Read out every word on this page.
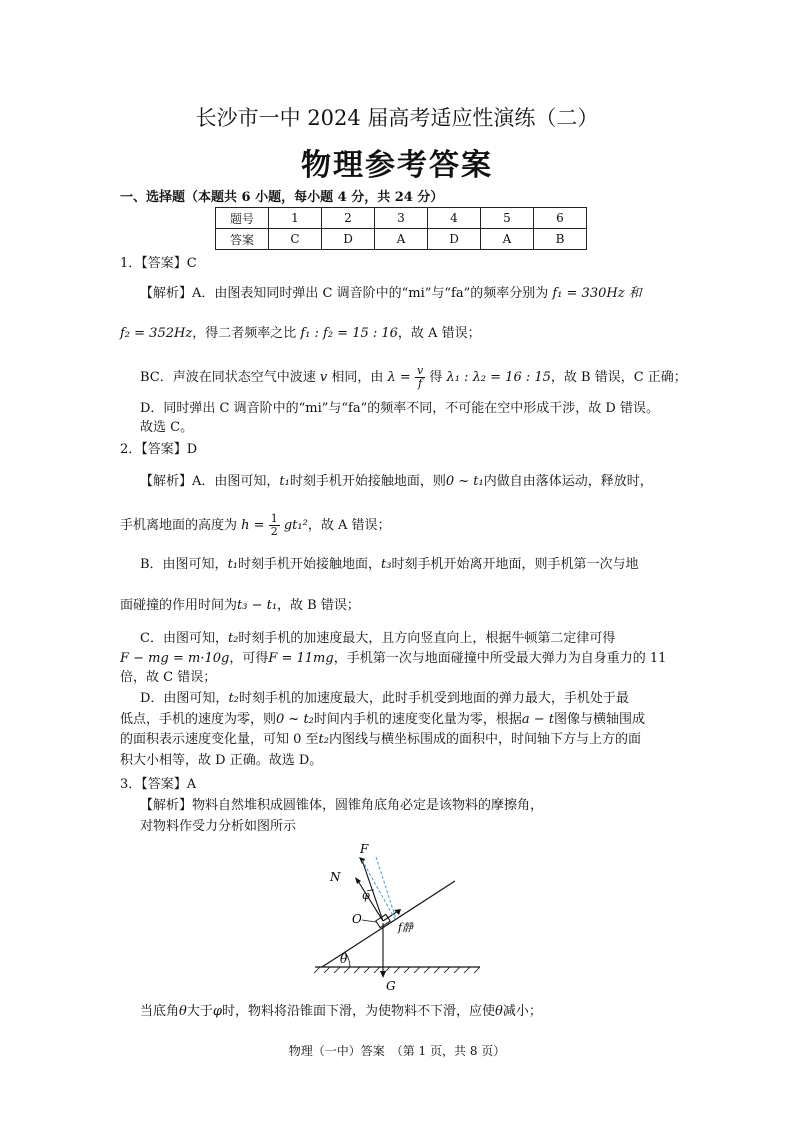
长沙市一中 2024 届高考适应性演练（二）
物理参考答案
一、选择题（本题共 6 小题，每小题 4 分，共 24 分）
题号	1	2	3	4	5	6
答案	C	D	A	D	A	B
1．【答案】C
【解析】A．由图表知同时弹出 C 调音阶中的“mi”与“fa”的频率分别为 f₁ = 330Hz 和
f₂ = 352Hz，得二者频率之比 f₁ : f₂ = 15 : 16，故 A 错误；
BC．声波在同状态空气中波速 v 相同，由 $\lambda = \frac{v}{f}$ 得 λ₁ : λ₂ = 16 : 15，故 B 错误，C 正确；
D．同时弹出 C 调音阶中的“mi”与“fa”的频率不同，不可能在空中形成干涉，故 D 错误。
故选 C。
2．【答案】D
【解析】A．由图可知，t₁时刻手机开始接触地面，则0 ~ t₁内做自由落体运动，释放时，
手机离地面的高度为 $h = \frac{1}{2} gt_1^2$，故 A 错误；
B．由图可知，t₁时刻手机开始接触地面，t₃时刻手机开始离开地面，则手机第一次与地
面碰撞的作用时间为t₃ − t₁，故 B 错误；
C．由图可知，t₂时刻手机的加速度最大，且方向竖直向上，根据牛顿第二定律可得
F − mg = m·10g，可得F = 11mg，手机第一次与地面碰撞中所受最大弹力为自身重力的 11
倍，故 C 错误；
D．由图可知，t₂时刻手机的加速度最大，此时手机受到地面的弹力最大，手机处于最
低点，手机的速度为零，则0 ~ t₂时间内手机的速度变化量为零，根据a − t图像与横轴围成
的面积表示速度变化量，可知 0 至t₂内图线与横坐标围成的面积中，时间轴下方与上方的面
积大小相等，故 D 正确。故选 D。
3．【答案】A
【解析】物料自然堆积成圆锥体，圆锥角底角必定是该物料的摩擦角，
对物料作受力分析如图所示
θ
G
f静
N
F
φ
O
当底角θ大于φ时，物料将沿锥面下滑，为使物料不下滑，应使θ减小；
物理（一中）答案　（第 1 页，共 8 页）
